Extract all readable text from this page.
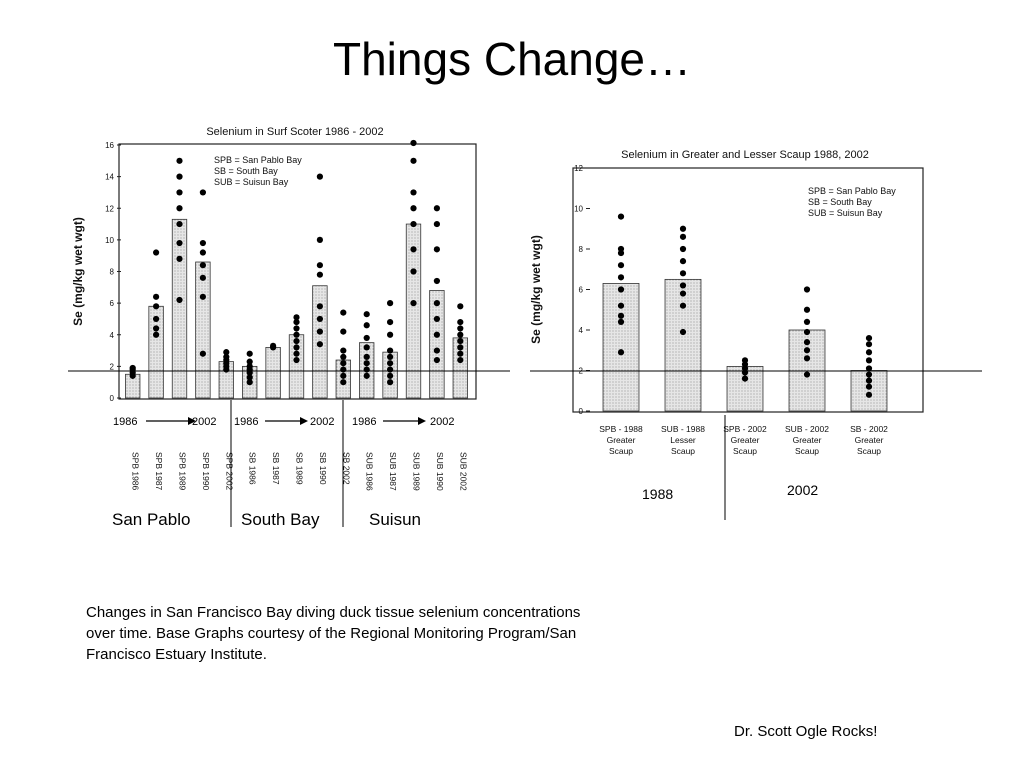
Things Change…
Selenium in Surf Scoter 1986 - 2002
Se (mg/kg wet wgt)
0
2
4
6
8
10
12
14
16
SPB = San Pablo Bay
SB = South Bay
SUB = Suisun Bay
SPB 1986 SPB 1987 SPB 1989 SPB 1990 SPB 2002 SB 1986 SB 1987 SB 1989 SB 1990 SB 2002 SUB 1986 SUB 1987 SUB 1989 SUB 1990 SUB 2002
Selenium in Greater and Lesser Scaup 1988, 2002
Se (mg/kg wet wgt)
0
2
4
6
8
10
12
SPB = San Pablo Bay
SB = South Bay
SUB = Suisun Bay
SPB - 1988
Greater
Scaup
SUB - 1988
Lesser
Scaup
SPB - 2002
Greater
Scaup
SUB - 2002
Greater
Scaup
SB - 2002
Greater
Scaup
1986	2002 1986	2002 1986	2002
San Pablo	South Bay	Suisun
1988	2002
Changes in San Francisco Bay diving duck tissue selenium concentrations over time. Base Graphs courtesy of the Regional Monitoring Program/San Francisco Estuary Institute.
Dr. Scott Ogle Rocks!
